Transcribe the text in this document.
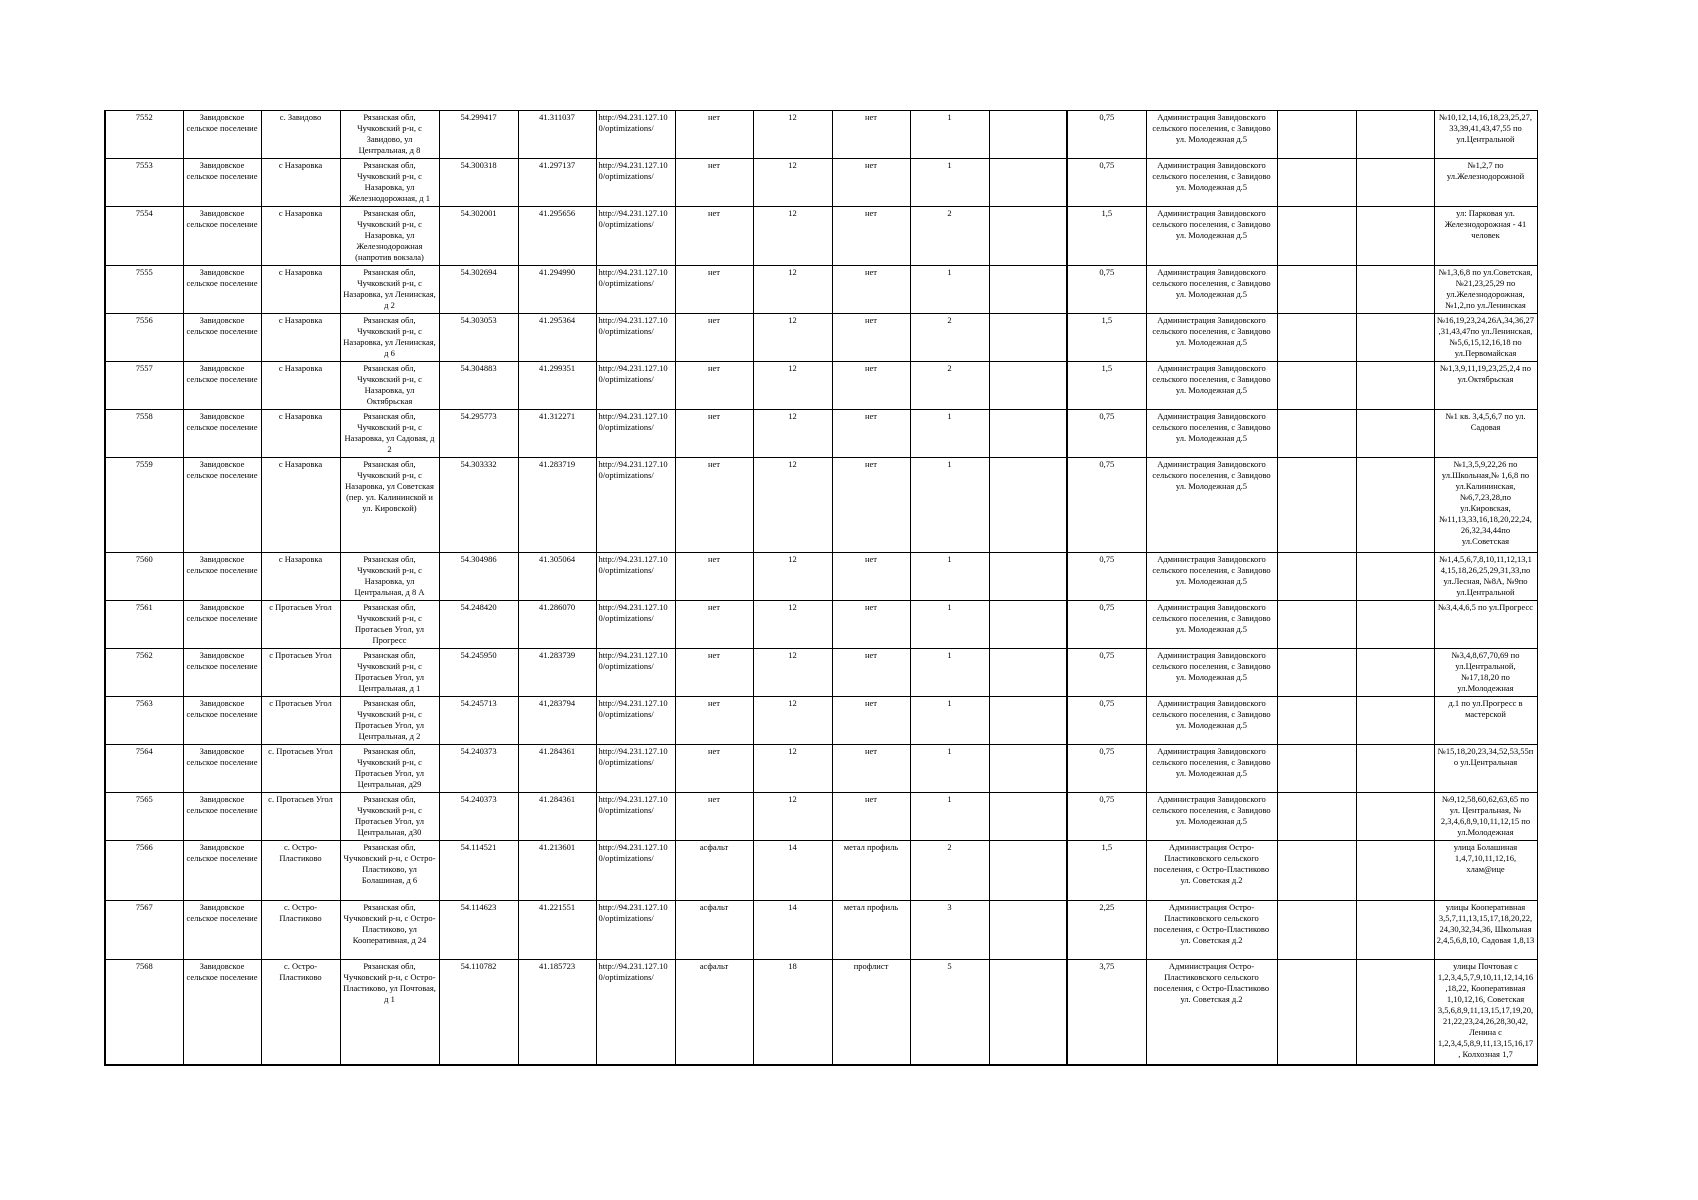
7552	Завидовское сельское поселение	с. Завидово	Рязанская обл, Чучковский р-н, с Завидово, ул Центральная, д 8	54.299417	41.311037	http://94.231.127.10 0/optimizations/	нет	12	нет	1		0,75	Администрация Завидовского сельского поселения, с Завидово ул. Молодежная д.5			№10,12,14,16,18,23,25,27, 33,39,41,43,47,55 по ул.Центральной
7553	Завидовское сельское поселение	с Назаровка	Рязанская обл, Чучковский р-н, с Назаровка, ул Железнодорожная, д 1	54.300318	41.297137	http://94.231.127.10 0/optimizations/	нет	12	нет	1		0,75	Администрация Завидовского сельского поселения, с Завидово ул. Молодежная д.5			№1,2,7 по ул.Железнодорожной
7554	Завидовское сельское поселение	с Назаровка	Рязанская обл, Чучковский р-н, с Назаровка, ул Железнодорожная (напротив вокзала)	54.302001	41.295656	http://94.231.127.10 0/optimizations/	нет	12	нет	2		1,5	Администрация Завидовского сельского поселения, с Завидово ул. Молодежная д.5			ул: Парковая ул. Железнодорожная - 41 человек
7555	Завидовское сельское поселение	с Назаровка	Рязанская обл, Чучковский р-н, с Назаровка, ул Ленинская, д 2	54.302694	41.294990	http://94.231.127.10 0/optimizations/	нет	12	нет	1		0,75	Администрация Завидовского сельского поселения, с Завидово ул. Молодежная д.5			№1,3,6,8 по ул.Советская, №21,23,25,29 по ул.Железнодорожная, №1,2,по ул.Ленинская
7556	Завидовское сельское поселение	с Назаровка	Рязанская обл, Чучковский р-н, с Назаровка, ул Ленинская, д 6	54.303053	41.295364	http://94.231.127.10 0/optimizations/	нет	12	нет	2		1,5	Администрация Завидовского сельского поселения, с Завидово ул. Молодежная д.5			№16,19,23,24,26А,34,36,27 ,31,43,47по ул.Ленинская, №5,6,15,12,16,18 по ул.Первомайская
7557	Завидовское сельское поселение	с Назаровка	Рязанская обл, Чучковский р-н, с Назаровка, ул Октябрьская	54.304883	41.299351	http://94.231.127.10 0/optimizations/	нет	12	нет	2		1,5	Администрация Завидовского сельского поселения, с Завидово ул. Молодежная д.5			№1,3,9,11,19,23,25,2,4 по ул.Октябрьская
7558	Завидовское сельское поселение	с Назаровка	Рязанская обл, Чучковский р-н, с Назаровка, ул Садовая, д 2	54.295773	41.312271	http://94.231.127.10 0/optimizations/	нет	12	нет	1		0,75	Администрация Завидовского сельского поселения, с Завидово ул. Молодежная д.5			№1 кв. 3,4,5,6,7 по ул. Садовая
7559	Завидовское сельское поселение	с Назаровка	Рязанская обл, Чучковский р-н, с Назаровка, ул Советская (пер. ул. Калининской и ул. Кировской)	54.303332	41.283719	http://94.231.127.10 0/optimizations/	нет	12	нет	1		0,75	Администрация Завидовского сельского поселения, с Завидово ул. Молодежная д.5			№1,3,5,9,22,26 по ул.Школьная,№ 1,6,8 по ул.Калининская, №6,7,23,28,по ул.Кировская, №11,13,33,16,18,20,22,24, 26,32,34,44по ул.Советская
7560	Завидовское сельское поселение	с Назаровка	Рязанская обл, Чучковский р-н, с Назаровка, ул Центральная, д 8 А	54.304986	41.305064	http://94.231.127.10 0/optimizations/	нет	12	нет	1		0,75	Администрация Завидовского сельского поселения, с Завидово ул. Молодежная д.5			№1,4,5,6,7,8,10,11,12,13,1 4,15,18,26,25,29,31,33,по ул.Лесная, №8А, №9по ул.Центральной
7561	Завидовское сельское поселение	с Протасьев Угол	Рязанская обл, Чучковский р-н, с Протасьев Угол, ул Прогресс	54.248420	41.286070	http://94.231.127.10 0/optimizations/	нет	12	нет	1		0,75	Администрация Завидовского сельского поселения, с Завидово ул. Молодежная д.5			№3,4,4,6,5 по ул.Прогресс
7562	Завидовское сельское поселение	с Протасьев Угол	Рязанская обл, Чучковский р-н, с Протасьев Угол, ул Центральная, д 1	54.245950	41.283739	http://94.231.127.10 0/optimizations/	нет	12	нет	1		0,75	Администрация Завидовского сельского поселения, с Завидово ул. Молодежная д.5			№3,4,8,67,70,69 по ул.Центральной, №17,18,20 по ул.Молодежная
7563	Завидовское сельское поселение	с Протасьев Угол	Рязанская обл, Чучковский р-н, с Протасьев Угол, ул Центральная, д 2	54.245713	41,283794	http://94.231.127.10 0/optimizations/	нет	12	нет	1		0,75	Администрация Завидовского сельского поселения, с Завидово ул. Молодежная д.5			д.1 по ул.Прогресс в мастерской
7564	Завидовское сельское поселение	с. Протасьев Угол	Рязанская обл, Чучковский р-н, с Протасьев Угол, ул Центральная, д29	54.240373	41.284361	http://94.231.127.10 0/optimizations/	нет	12	нет	1		0,75	Администрация Завидовского сельского поселения, с Завидово ул. Молодежная д.5			№15,18,20,23,34,52,53,55п о ул.Центральная
7565	Завидовское сельское поселение	с. Протасьев Угол	Рязанская обл, Чучковский р-н, с Протасьев Угол, ул Центральная, д30	54.240373	41.284361	http://94.231.127.10 0/optimizations/	нет	12	нет	1		0,75	Администрация Завидовского сельского поселения, с Завидово ул. Молодежная д.5			№9,12,58,60,62,63,65 по ул. Центральная, № 2,3,4,6,8,9,10,11,12,15 по ул.Молодежная
7566	Завидовское сельское поселение	с. Остро-Пластиково	Рязанская обл, Чучковский р-н, с Остро-Пластиково, ул Болашиная, д 6	54.114521	41.213601	http://94.231.127.10 0/optimizations/	асфальт	14	метал профиль	2		1,5	Администрация Остро-Пластиковского сельского поселения, с Остро-Пластиково ул. Советская д.2			улица Болашиная 1,4,7,10,11,12,16, хлам@ице
7567	Завидовское сельское поселение	с. Остро-Пластиково	Рязанская обл, Чучковский р-н, с Остро-Пластиково, ул Кооперативная, д 24	54.114623	41.221551	http://94.231.127.10 0/optimizations/	асфальт	14	метал профиль	3		2,25	Администрация Остро-Пластиковского сельского поселения, с Остро-Пластиково ул. Советская д.2			улицы Кооперативная 3,5,7,11,13,15,17,18,20,22, 24,30,32,34,36, Школьная 2,4,5,6,8,10, Садовая 1,8,13
7568	Завидовское сельское поселение	с. Остро-Пластиково	Рязанская обл, Чучковский р-н, с Остро-Пластиково, ул Почтовая, д 1	54.110782	41.185723	http://94.231.127.10 0/optimizations/	асфальт	18	профлист	5		3,75	Администрация Остро-Пластиковского сельского поселения, с Остро-Пластиково ул. Советская д.2			улицы Почтовая с 1,2,3,4,5,7,9,10,11,12,14,16 ,18,22, Кооперативная 1,10,12,16, Советская 3,5,6,8,9,11,13,15,17,19,20, 21,22,23,24,26,28,30,42, Ленина с 1,2,3,4,5,8,9,11,13,15,16,17 , Колхозная 1,7
